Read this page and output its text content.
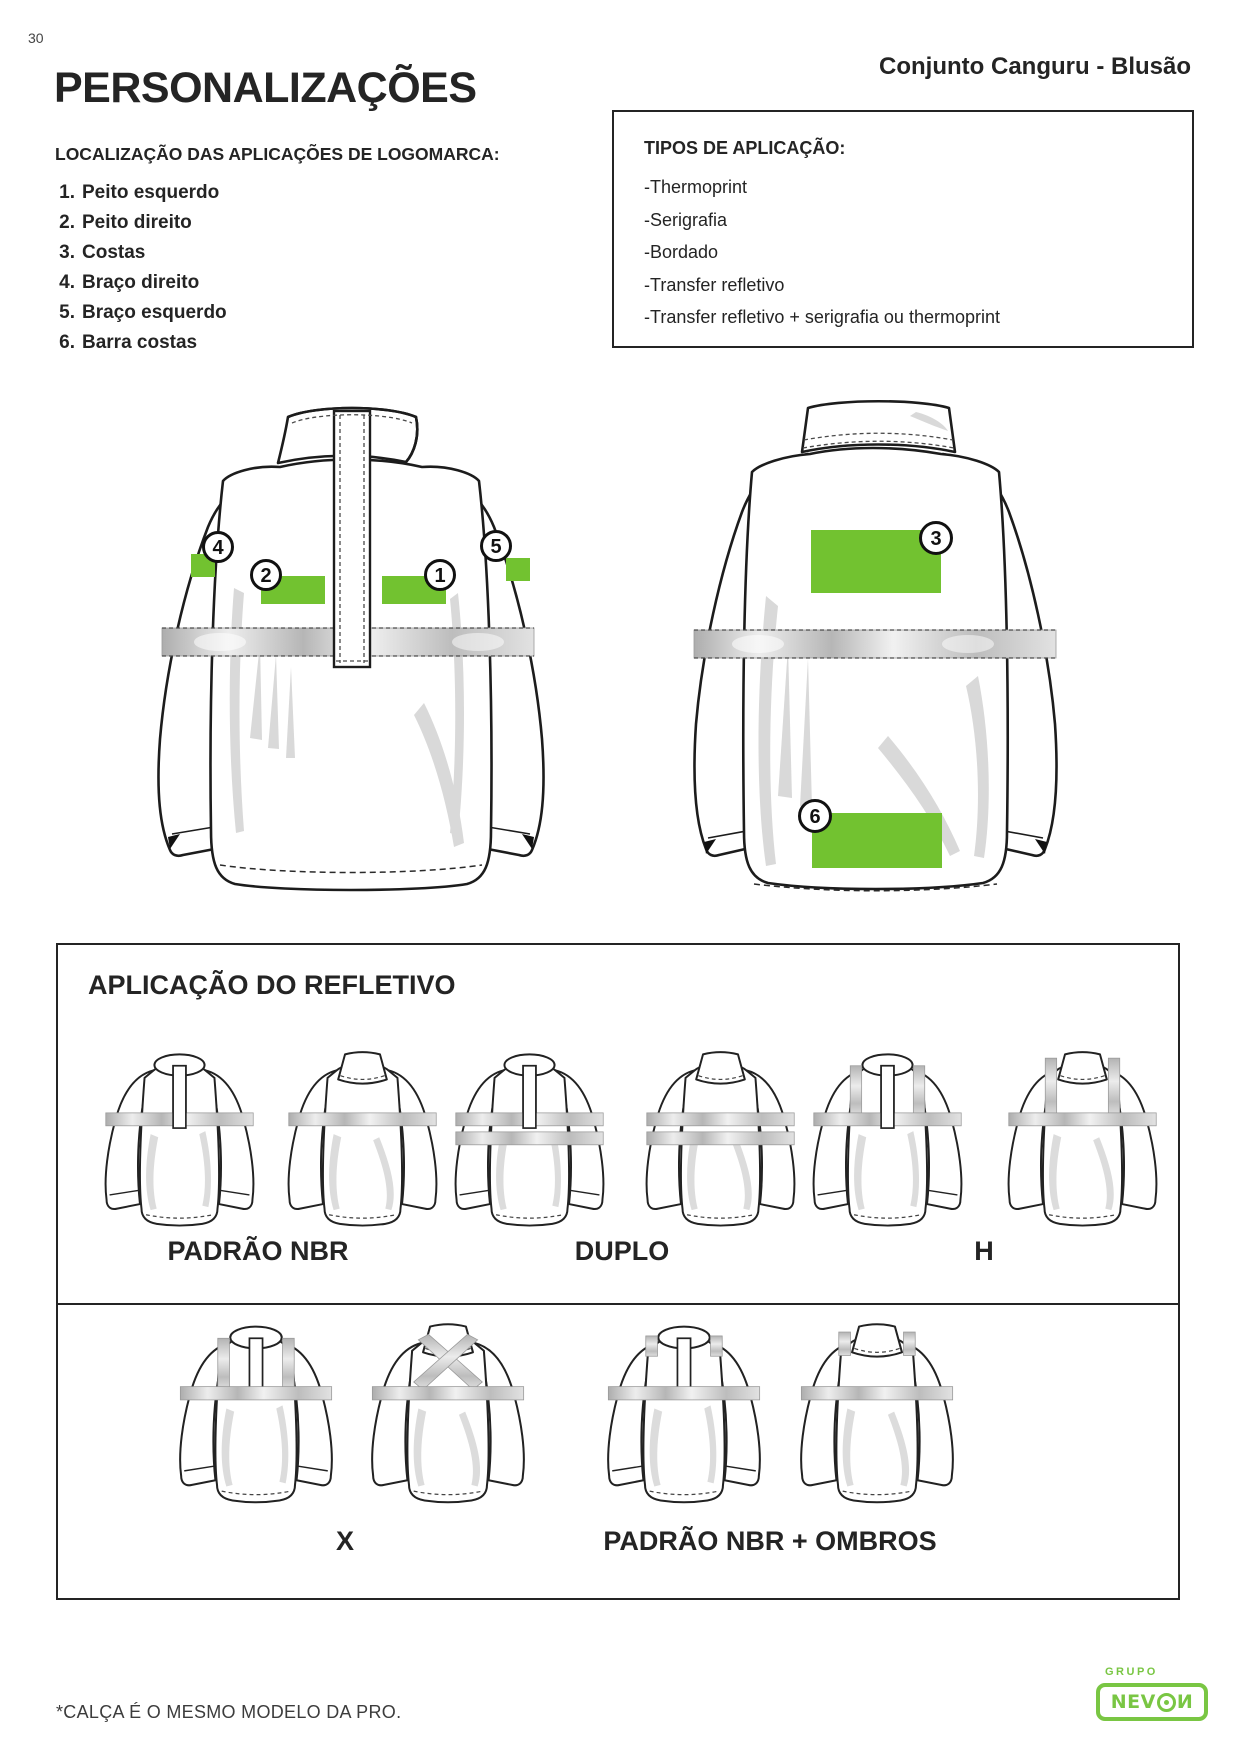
30
PERSONALIZAÇÕES	Conjunto Canguru - Blusão
LOCALIZAÇÃO DAS APLICAÇÕES DE LOGOMARCA:
1. Peito esquerdo
2. Peito direito
3. Costas
4. Braço direito
5. Braço esquerdo
6. Barra costas
TIPOS DE APLICAÇÃO:
-Thermoprint
-Serigrafia
-Bordado
-Transfer refletivo
-Transfer refletivo + serigrafia ou thermoprint
4
2	1
5	3
6
APLICAÇÃO DO REFLETIVO
PADRÃO NBR	DUPLO	H
X	PADRÃO NBR + OMBROS
*CALÇA É O MESMO MODELO DA PRO.
GRUPO
NEV И
